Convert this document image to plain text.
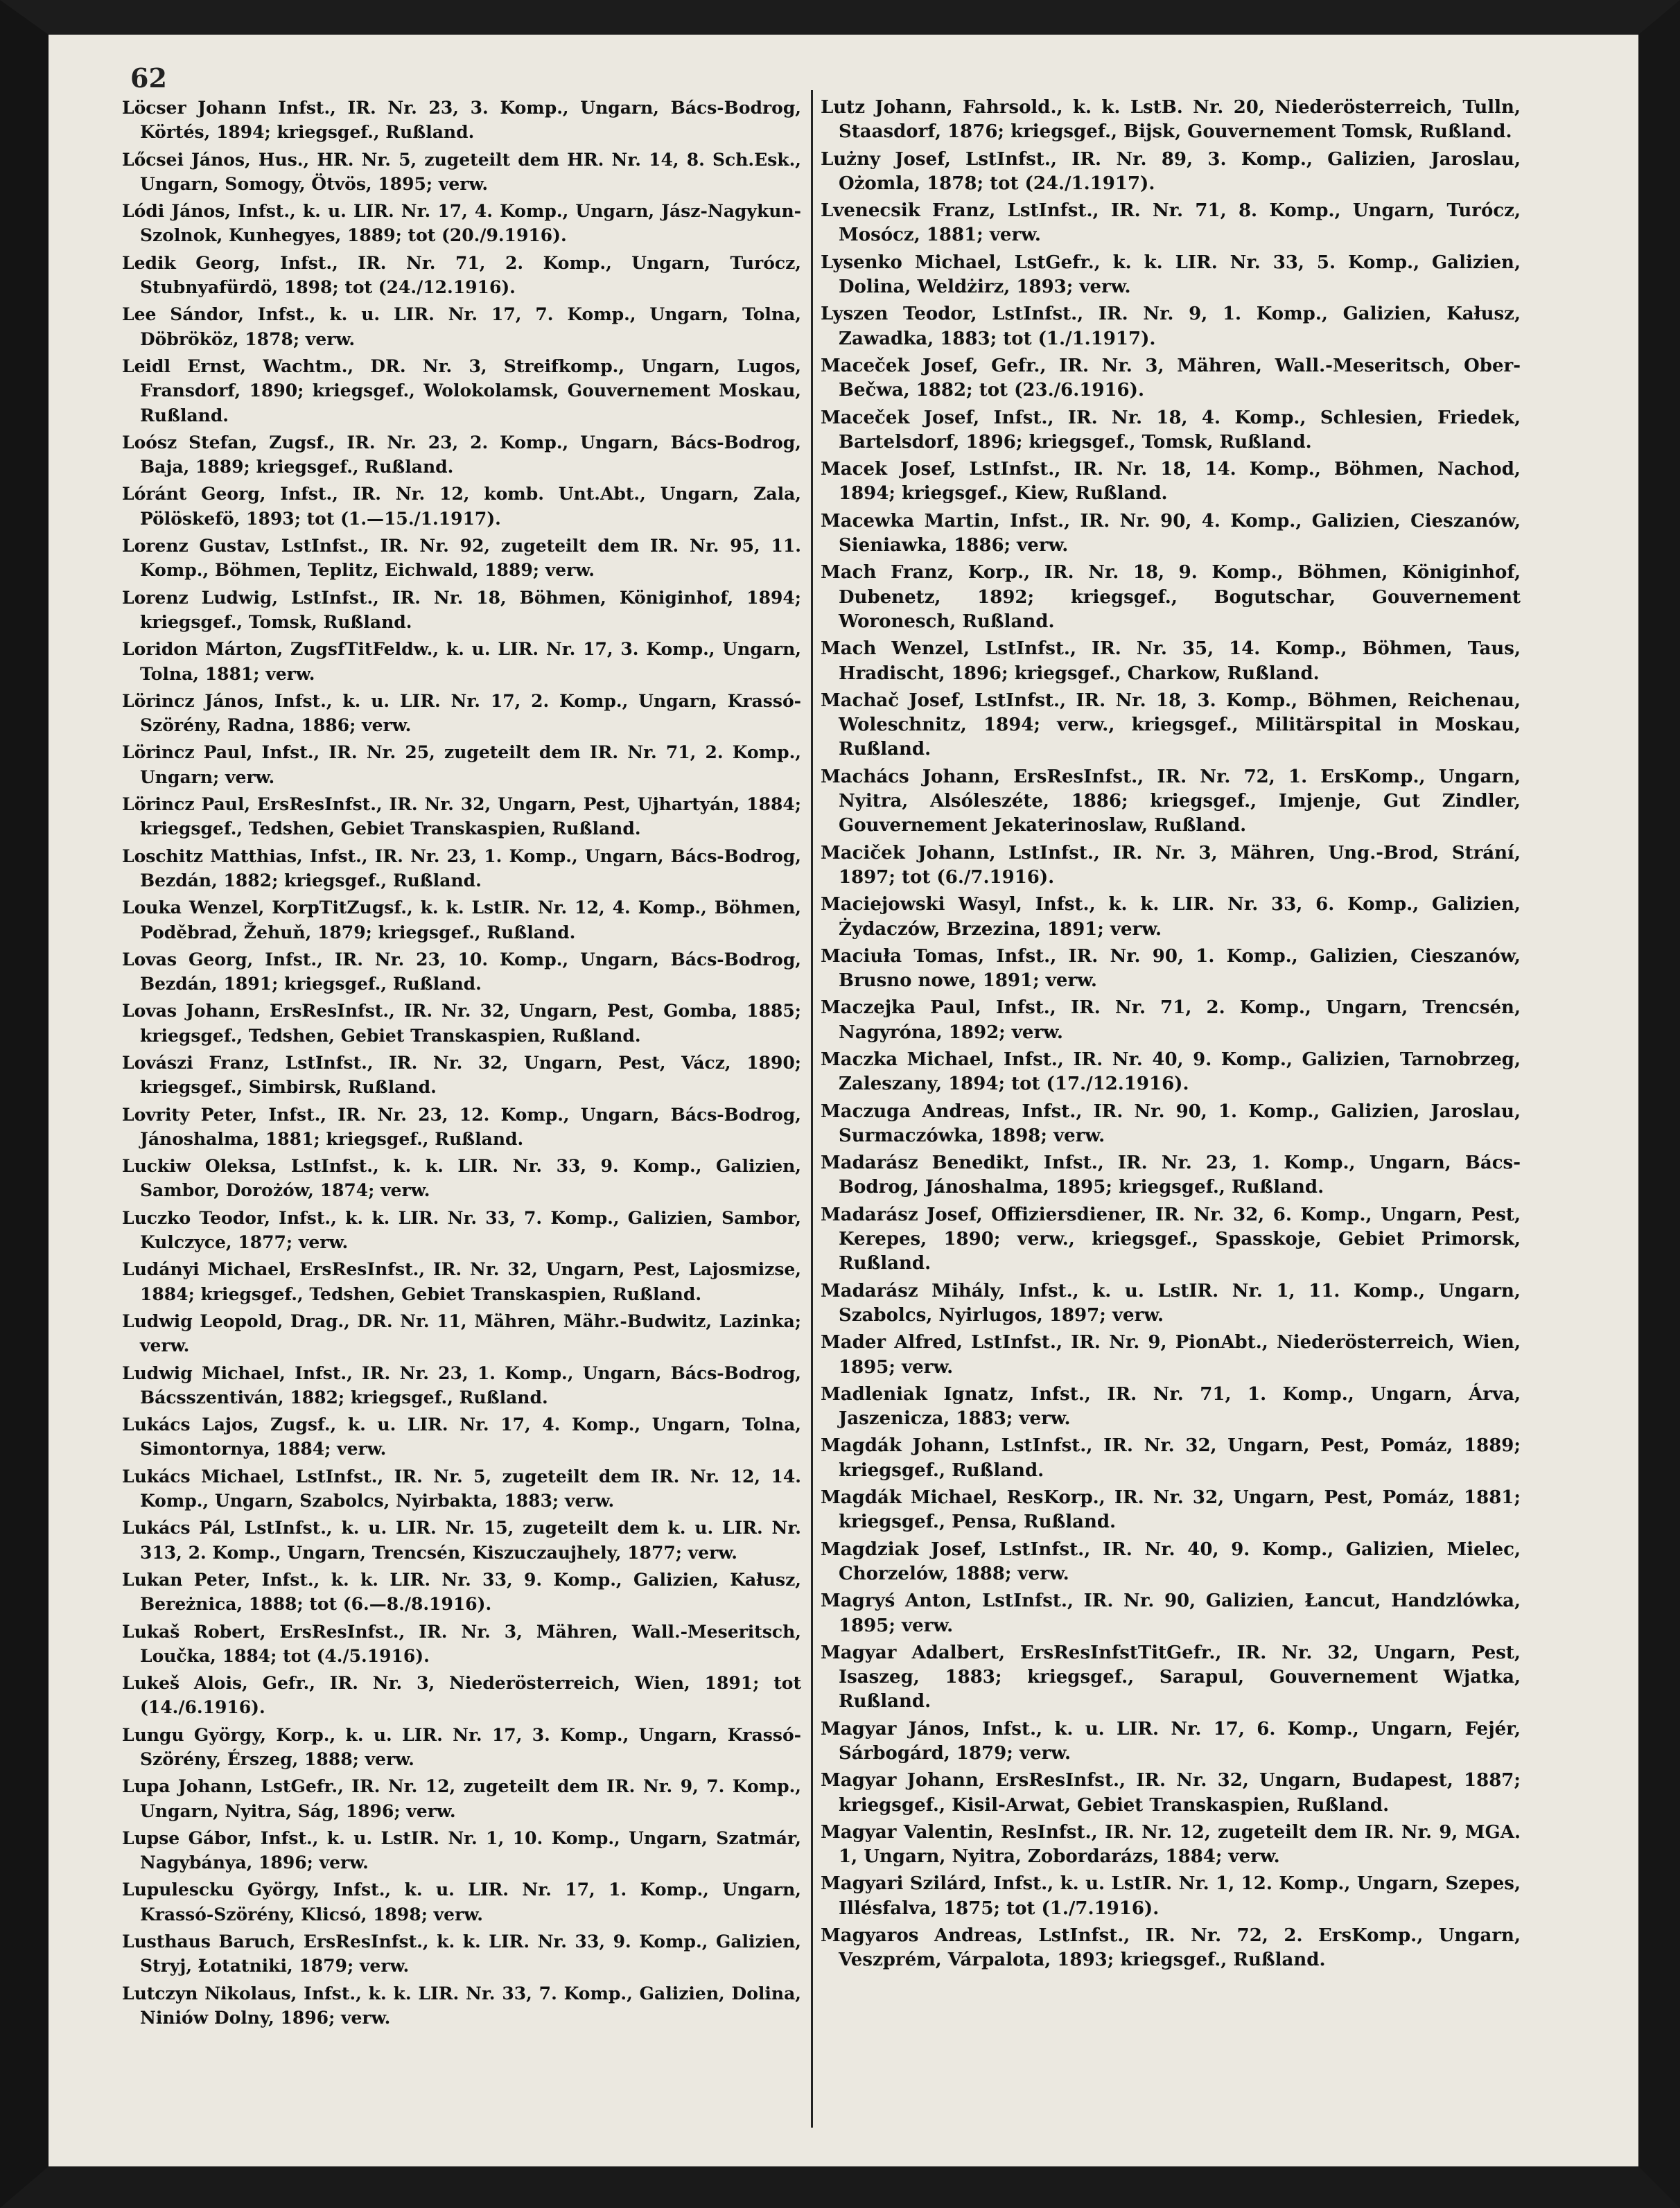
62

Löcser Johann Infst., IR. Nr. 23, 3. Komp., Ungarn, Bács-Bodrog, Körtés, 1894; kriegsgef., Rußland.

Lőcsei János, Hus., HR. Nr. 5, zugeteilt dem HR. Nr. 14, 8. Sch.Esk., Ungarn, Somogy, Ötvös, 1895; verw.

Lódi János, Infst., k. u. LIR. Nr. 17, 4. Komp., Ungarn, Jász-Nagykun-Szolnok, Kunhegyes, 1889; tot (20./9.1916).

Ledik Georg, Infst., IR. Nr. 71, 2. Komp., Ungarn, Turócz, Stubnyafürdö, 1898; tot (24./12.1916).

Lee Sándor, Infst., k. u. LIR. Nr. 17, 7. Komp., Ungarn, Tolna, Döbrököz, 1878; verw.

Leidl Ernst, Wachtm., DR. Nr. 3, Streifkomp., Ungarn, Lugos, Fransdorf, 1890; kriegsgef., Wolokolamsk, Gouvernement Moskau, Rußland.

Loósz Stefan, Zugsf., IR. Nr. 23, 2. Komp., Ungarn, Bács-Bodrog, Baja, 1889; kriegsgef., Rußland.

Lóránt Georg, Infst., IR. Nr. 12, komb. Unt.Abt., Ungarn, Zala, Pölöskefö, 1893; tot (1.—15./1.1917).

Lorenz Gustav, LstInfst., IR. Nr. 92, zugeteilt dem IR. Nr. 95, 11. Komp., Böhmen, Teplitz, Eichwald, 1889; verw.

Lorenz Ludwig, LstInfst., IR. Nr. 18, Böhmen, Königinhof, 1894; kriegsgef., Tomsk, Rußland.

Loridon Márton, ZugsfTitFeldw., k. u. LIR. Nr. 17, 3. Komp., Ungarn, Tolna, 1881; verw.

Lörincz János, Infst., k. u. LIR. Nr. 17, 2. Komp., Ungarn, Krassó-Szörény, Radna, 1886; verw.

Lörincz Paul, Infst., IR. Nr. 25, zugeteilt dem IR. Nr. 71, 2. Komp., Ungarn; verw.

Lörincz Paul, ErsResInfst., IR. Nr. 32, Ungarn, Pest, Ujhartyán, 1884; kriegsgef., Tedshen, Gebiet Transkaspien, Rußland.

Loschitz Matthias, Infst., IR. Nr. 23, 1. Komp., Ungarn, Bács-Bodrog, Bezdán, 1882; kriegsgef., Rußland.

Louka Wenzel, KorpTitZugsf., k. k. LstIR. Nr. 12, 4. Komp., Böhmen, Poděbrad, Žehuň, 1879; kriegsgef., Rußland.

Lovas Georg, Infst., IR. Nr. 23, 10. Komp., Ungarn, Bács-Bodrog, Bezdán, 1891; kriegsgef., Rußland.

Lovas Johann, ErsResInfst., IR. Nr. 32, Ungarn, Pest, Gomba, 1885; kriegsgef., Tedshen, Gebiet Transkaspien, Rußland.

Lovászi Franz, LstInfst., IR. Nr. 32, Ungarn, Pest, Vácz, 1890; kriegsgef., Simbirsk, Rußland.

Lovrity Peter, Infst., IR. Nr. 23, 12. Komp., Ungarn, Bács-Bodrog, Jánoshalma, 1881; kriegsgef., Rußland.

Luckiw Oleksa, LstInfst., k. k. LIR. Nr. 33, 9. Komp., Galizien, Sambor, Dorożów, 1874; verw.

Luczko Teodor, Infst., k. k. LIR. Nr. 33, 7. Komp., Galizien, Sambor, Kulczyce, 1877; verw.

Ludányi Michael, ErsResInfst., IR. Nr. 32, Ungarn, Pest, Lajosmizse, 1884; kriegsgef., Tedshen, Gebiet Transkaspien, Rußland.

Ludwig Leopold, Drag., DR. Nr. 11, Mähren, Mähr.-Budwitz, Lazinka; verw.

Ludwig Michael, Infst., IR. Nr. 23, 1. Komp., Ungarn, Bács-Bodrog, Bácsszentiván, 1882; kriegsgef., Rußland.

Lukács Lajos, Zugsf., k. u. LIR. Nr. 17, 4. Komp., Ungarn, Tolna, Simontornya, 1884; verw.

Lukács Michael, LstInfst., IR. Nr. 5, zugeteilt dem IR. Nr. 12, 14. Komp., Ungarn, Szabolcs, Nyirbakta, 1883; verw.

Lukács Pál, LstInfst., k. u. LIR. Nr. 15, zugeteilt dem k. u. LIR. Nr. 313, 2. Komp., Ungarn, Trencsén, Kiszuczaujhely, 1877; verw.

Lukan Peter, Infst., k. k. LIR. Nr. 33, 9. Komp., Galizien, Kałusz, Bereżnica, 1888; tot (6.—8./8.1916).

Lukaš Robert, ErsResInfst., IR. Nr. 3, Mähren, Wall.-Meseritsch, Loučka, 1884; tot (4./5.1916).

Lukeš Alois, Gefr., IR. Nr. 3, Niederösterreich, Wien, 1891; tot (14./6.1916).

Lungu György, Korp., k. u. LIR. Nr. 17, 3. Komp., Ungarn, Krassó-Szörény, Érszeg, 1888; verw.

Lupa Johann, LstGefr., IR. Nr. 12, zugeteilt dem IR. Nr. 9, 7. Komp., Ungarn, Nyitra, Ság, 1896; verw.

Lupse Gábor, Infst., k. u. LstIR. Nr. 1, 10. Komp., Ungarn, Szatmár, Nagybánya, 1896; verw.

Lupulescku György, Infst., k. u. LIR. Nr. 17, 1. Komp., Ungarn, Krassó-Szörény, Klicsó, 1898; verw.

Lusthaus Baruch, ErsResInfst., k. k. LIR. Nr. 33, 9. Komp., Galizien, Stryj, Łotatniki, 1879; verw.

Lutczyn Nikolaus, Infst., k. k. LIR. Nr. 33, 7. Komp., Galizien, Dolina, Niniów Dolny, 1896; verw.

Lutz Johann, Fahrsold., k. k. LstB. Nr. 20, Niederösterreich, Tulln, Staasdorf, 1876; kriegsgef., Bijsk, Gouvernement Tomsk, Rußland.

Lużny Josef, LstInfst., IR. Nr. 89, 3. Komp., Galizien, Jaroslau, Ożomla, 1878; tot (24./1.1917).

Lvenecsik Franz, LstInfst., IR. Nr. 71, 8. Komp., Ungarn, Turócz, Mosócz, 1881; verw.

Lysenko Michael, LstGefr., k. k. LIR. Nr. 33, 5. Komp., Galizien, Dolina, Weldżirz, 1893; verw.

Lyszen Teodor, LstInfst., IR. Nr. 9, 1. Komp., Galizien, Kałusz, Zawadka, 1883; tot (1./1.1917).

Maceček Josef, Gefr., IR. Nr. 3, Mähren, Wall.-Meseritsch, Ober-Bečwa, 1882; tot (23./6.1916).

Maceček Josef, Infst., IR. Nr. 18, 4. Komp., Schlesien, Friedek, Bartelsdorf, 1896; kriegsgef., Tomsk, Rußland.

Macek Josef, LstInfst., IR. Nr. 18, 14. Komp., Böhmen, Nachod, 1894; kriegsgef., Kiew, Rußland.

Macewka Martin, Infst., IR. Nr. 90, 4. Komp., Galizien, Cieszanów, Sieniawka, 1886; verw.

Mach Franz, Korp., IR. Nr. 18, 9. Komp., Böhmen, Königinhof, Dubenetz, 1892; kriegsgef., Bogutschar, Gouvernement Woronesch, Rußland.

Mach Wenzel, LstInfst., IR. Nr. 35, 14. Komp., Böhmen, Taus, Hradischt, 1896; kriegsgef., Charkow, Rußland.

Machač Josef, LstInfst., IR. Nr. 18, 3. Komp., Böhmen, Reichenau, Woleschnitz, 1894; verw., kriegsgef., Militärspital in Moskau, Rußland.

Machács Johann, ErsResInfst., IR. Nr. 72, 1. ErsKomp., Ungarn, Nyitra, Alsóleszéte, 1886; kriegsgef., Imjenje, Gut Zindler, Gouvernement Jekaterinoslaw, Rußland.

Maciček Johann, LstInfst., IR. Nr. 3, Mähren, Ung.-Brod, Strání, 1897; tot (6./7.1916).

Maciejowski Wasyl, Infst., k. k. LIR. Nr. 33, 6. Komp., Galizien, Żydaczów, Brzezina, 1891; verw.

Maciuła Tomas, Infst., IR. Nr. 90, 1. Komp., Galizien, Cieszanów, Brusno nowe, 1891; verw.

Maczejka Paul, Infst., IR. Nr. 71, 2. Komp., Ungarn, Trencsén, Nagyróna, 1892; verw.

Maczka Michael, Infst., IR. Nr. 40, 9. Komp., Galizien, Tarnobrzeg, Zaleszany, 1894; tot (17./12.1916).

Maczuga Andreas, Infst., IR. Nr. 90, 1. Komp., Galizien, Jaroslau, Surmaczówka, 1898; verw.

Madarász Benedikt, Infst., IR. Nr. 23, 1. Komp., Ungarn, Bács-Bodrog, Jánoshalma, 1895; kriegsgef., Rußland.

Madarász Josef, Offiziersdiener, IR. Nr. 32, 6. Komp., Ungarn, Pest, Kerepes, 1890; verw., kriegsgef., Spasskoje, Gebiet Primorsk, Rußland.

Madarász Mihály, Infst., k. u. LstIR. Nr. 1, 11. Komp., Ungarn, Szabolcs, Nyirlugos, 1897; verw.

Mader Alfred, LstInfst., IR. Nr. 9, PionAbt., Niederösterreich, Wien, 1895; verw.

Madleniak Ignatz, Infst., IR. Nr. 71, 1. Komp., Ungarn, Árva, Jaszenicza, 1883; verw.

Magdák Johann, LstInfst., IR. Nr. 32, Ungarn, Pest, Pomáz, 1889; kriegsgef., Rußland.

Magdák Michael, ResKorp., IR. Nr. 32, Ungarn, Pest, Pomáz, 1881; kriegsgef., Pensa, Rußland.

Magdziak Josef, LstInfst., IR. Nr. 40, 9. Komp., Galizien, Mielec, Chorzelów, 1888; verw.

Magryś Anton, LstInfst., IR. Nr. 90, Galizien, Łancut, Handzlówka, 1895; verw.

Magyar Adalbert, ErsResInfstTitGefr., IR. Nr. 32, Ungarn, Pest, Isaszeg, 1883; kriegsgef., Sarapul, Gouvernement Wjatka, Rußland.

Magyar János, Infst., k. u. LIR. Nr. 17, 6. Komp., Ungarn, Fejér, Sárbogárd, 1879; verw.

Magyar Johann, ErsResInfst., IR. Nr. 32, Ungarn, Budapest, 1887; kriegsgef., Kisil-Arwat, Gebiet Transkaspien, Rußland.

Magyar Valentin, ResInfst., IR. Nr. 12, zugeteilt dem IR. Nr. 9, MGA. 1, Ungarn, Nyitra, Zobordarázs, 1884; verw.

Magyari Szilárd, Infst., k. u. LstIR. Nr. 1, 12. Komp., Ungarn, Szepes, Illésfalva, 1875; tot (1./7.1916).

Magyaros Andreas, LstInfst., IR. Nr. 72, 2. ErsKomp., Ungarn, Veszprém, Várpalota, 1893; kriegsgef., Rußland.
